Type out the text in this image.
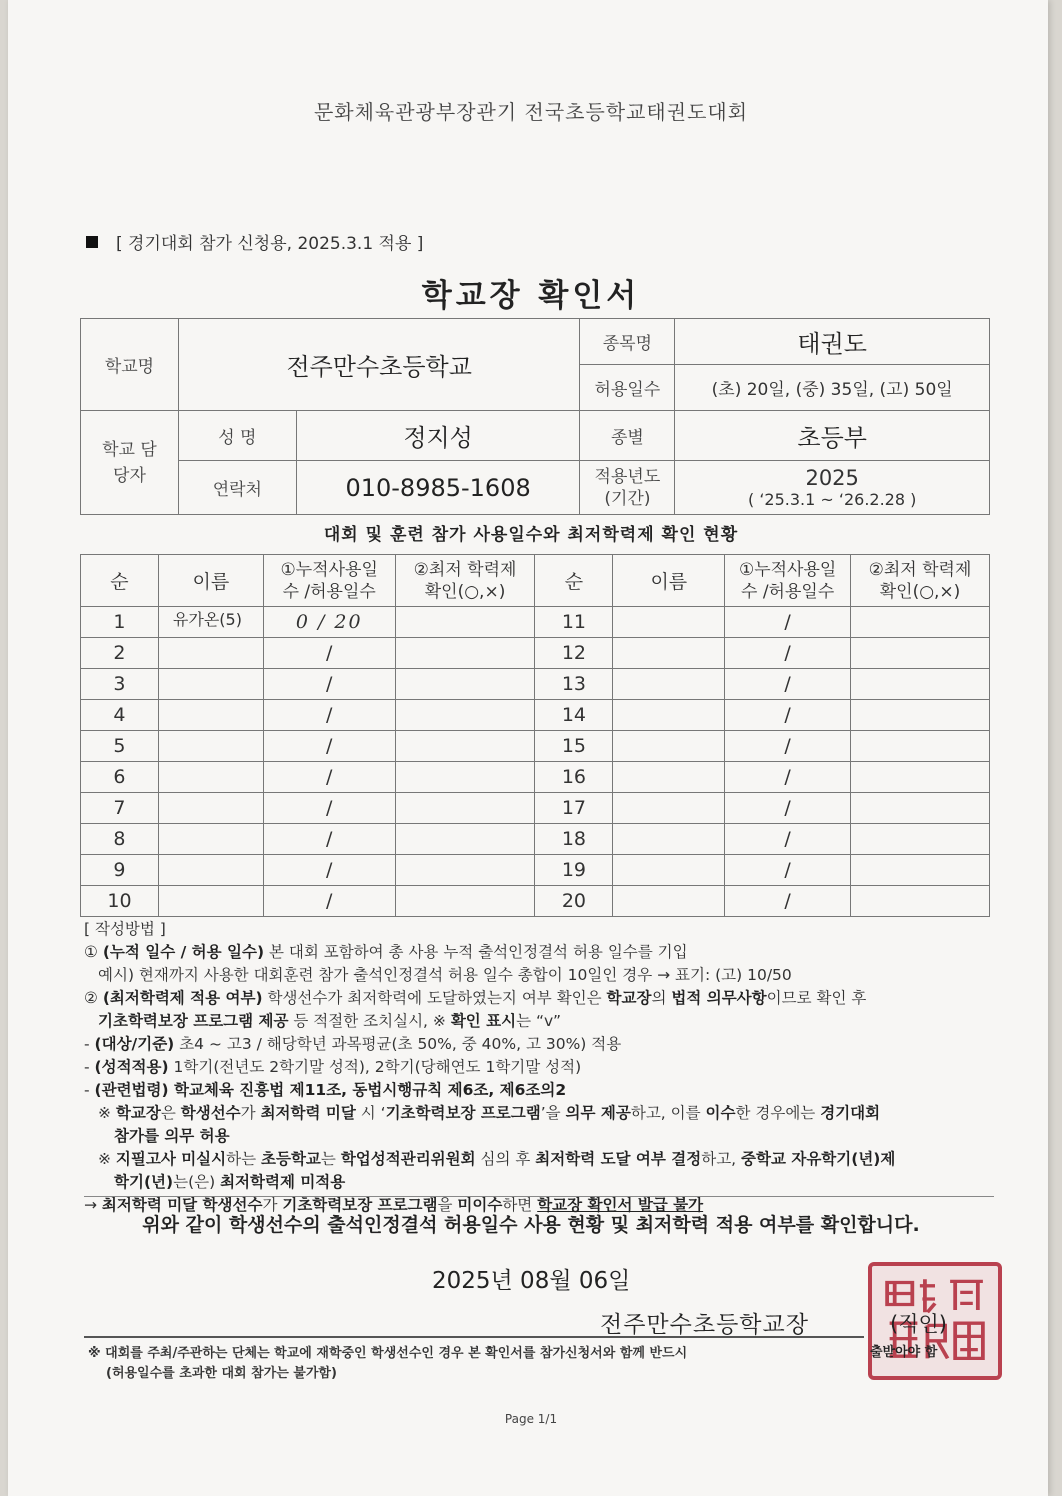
문화체육관광부장관기 전국초등학교태권도대회
[ 경기대회 참가 신청용, 2025.3.1 적용 ]
학교장 확인서
학교명	전주만수초등학교		종목명	태권도
			허용일수	(초) 20일, (중) 35일, (고) 50일
학교 담당자	성 명	정지성	종별	초등부
	연락처	010-8985-1608	적용년도 (기간)	2025
( ‘25.3.1 ~ ‘26.2.28 )
대회 및 훈련 참가 사용일수와 최저학력제 확인 현황
순	이름	①누적사용일수 /허용일수	②최저 학력제 확인(○,×)	순	이름	①누적사용일수 /허용일수	②최저 학력제 확인(○,×)
1	유가온(5)	0 / 20		11		/	
2		/		12		/	
3		/		13		/	
4		/		14		/	
5		/		15		/	
6		/		16		/	
7		/		17		/	
8		/		18		/	
9		/		19		/	
10		/		20		/	
[ 작성방법 ]
① (누적 일수 / 허용 일수) 본 대회 포함하여 총 사용 누적 출석인정결석 허용 일수를 기입
예시) 현재까지 사용한 대회훈련 참가 출석인정결석 허용 일수 총합이 10일인 경우 → 표기: (고) 10/50
② (최저학력제 적용 여부) 학생선수가 최저학력에 도달하였는지 여부 확인은 학교장의 법적 의무사항이므로 확인 후
기초학력보장 프로그램 제공 등 적절한 조치실시, ※ 확인 표시는 “v”
- (대상/기준) 초4 ~ 고3 / 해당학년 과목평균(초 50%, 중 40%, 고 30%) 적용
- (성적적용) 1학기(전년도 2학기말 성적), 2학기(당해연도 1학기말 성적)
- (관련법령) 학교체육 진흥법 제11조, 동법시행규칙 제6조, 제6조의2
※ 학교장은 학생선수가 최저학력 미달 시 ‘기초학력보장 프로그램’을 의무 제공하고, 이를 이수한 경우에는 경기대회
참가를 의무 허용
※ 지필고사 미실시하는 초등학교는 학업성적관리위원회 심의 후 최저학력 도달 여부 결정하고, 중학교 자유학기(년)제
학기(년)는(은) 최저학력제 미적용
→ 최저학력 미달 학생선수가 기초학력보장 프로그램을 미이수하면 학교장 확인서 발급 불가
위와 같이 학생선수의 출석인정결석 허용일수 사용 현황 및 최저학력 적용 여부를 확인합니다.
2025년 08월 06일
전주만수초등학교장	(직인)
※ 대회를 주최/주관하는 단체는 학교에 재학중인 학생선수인 경우 본 확인서를 참가신청서와 함께 반드시
(허용일수를 초과한 대회 참가는 불가함)
출받아야 함
Page 1/1
